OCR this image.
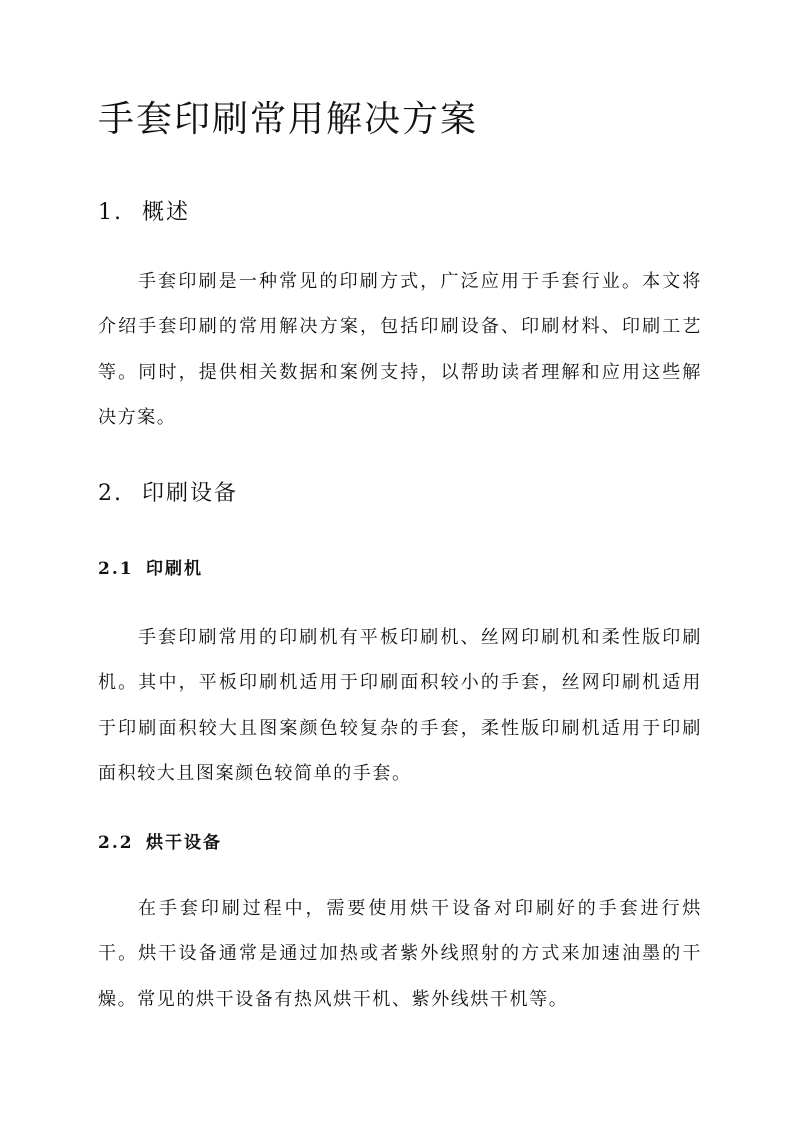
手套印刷常用解决方案
1. 概述

手套印刷是一种常见的印刷方式，广泛应用于手套行业。本文将介绍手套印刷的常用解决方案，包括印刷设备、印刷材料、印刷工艺等。同时，提供相关数据和案例支持，以帮助读者理解和应用这些解决方案。

2. 印刷设备
2.1 印刷机

手套印刷常用的印刷机有平板印刷机、丝网印刷机和柔性版印刷机。其中，平板印刷机适用于印刷面积较小的手套，丝网印刷机适用于印刷面积较大且图案颜色较复杂的手套，柔性版印刷机适用于印刷面积较大且图案颜色较简单的手套。

2.2 烘干设备

在手套印刷过程中，需要使用烘干设备对印刷好的手套进行烘干。烘干设备通常是通过加热或者紫外线照射的方式来加速油墨的干燥。常见的烘干设备有热风烘干机、紫外线烘干机等。
